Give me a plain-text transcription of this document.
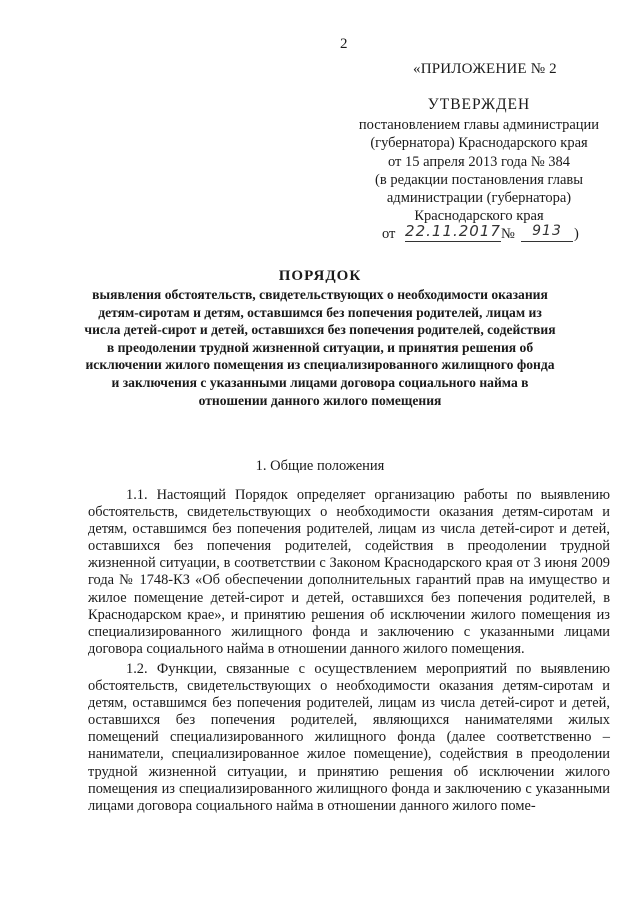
2
«ПРИЛОЖЕНИЕ № 2
УТВЕРЖДЕН
постановлением главы администрации
(губернатора) Краснодарского края
от 15 апреля 2013 года № 384
(в редакции постановления главы
администрации (губернатора)
Краснодарского края
от 22.11.2017 №	913 )
ПОРЯДОК
выявления обстоятельств, свидетельствующих о необходимости оказания детям-сиротам и детям, оставшимся без попечения родителей, лицам из числа детей-сирот и детей, оставшихся без попечения родителей, содействия в преодолении трудной жизненной ситуации, и принятия решения об исключении жилого помещения из специализированного жилищного фонда и заключения с указанными лицами договора социального найма в отношении данного жилого помещения
1. Общие положения

1.1. Настоящий Порядок определяет организацию работы по выявлению обстоятельств, свидетельствующих о необходимости оказания детям-сиротам и детям, оставшимся без попечения родителей, лицам из числа детей-сирот и детей, оставшихся без попечения родителей, содействия в преодолении трудной жизненной ситуации, в соответствии с Законом Краснодарского края от 3 июня 2009 года № 1748-КЗ «Об обеспечении дополнительных гарантий прав на имущество и жилое помещение детей-сирот и детей, оставшихся без попечения родителей, в Краснодарском крае», и принятию решения об исключении жилого помещения из специализированного жилищного фонда и заключению с указанными лицами договора социального найма в отношении данного жилого помещения.

1.2. Функции, связанные с осуществлением мероприятий по выявлению обстоятельств, свидетельствующих о необходимости оказания детям-сиротам и детям, оставшимся без попечения родителей, лицам из числа детей-сирот и детей, оставшихся без попечения родителей, являющихся нанимателями жилых помещений специализированного жилищного фонда (далее соответственно – наниматели, специализированное жилое помещение), содействия в преодолении трудной жизненной ситуации, и принятию решения об исключении жилого помещения из специализированного жилищного фонда и заключению с указанными лицами договора социального найма в отношении данного жилого поме-
